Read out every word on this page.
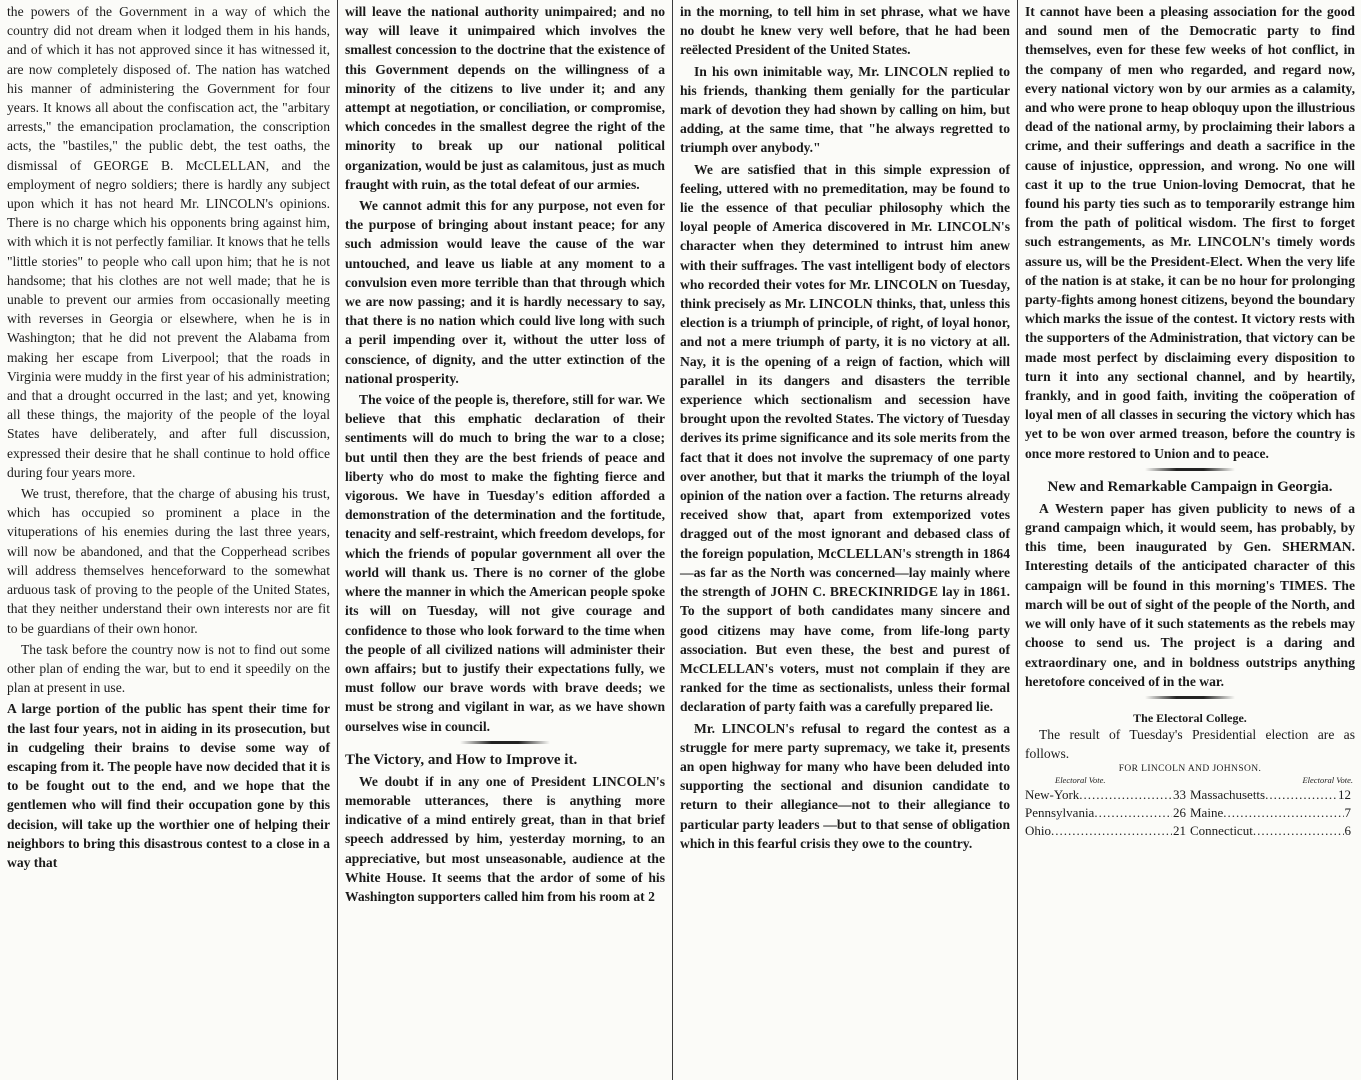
the powers of the Government in a way of which the country did not dream when it lodged them in his hands, and of which it has not approved since it has witnessed it, are now completely disposed of. The nation has watched his manner of administering the Government for four years. It knows all about the confiscation act, the "arbitary arrests," the emancipation proclamation, the conscription acts, the "bastiles," the public debt, the test oaths, the dismissal of GEORGE B. McCLELLAN, and the employment of negro soldiers; there is hardly any subject upon which it has not heard Mr. LINCOLN's opinions. There is no charge which his opponents bring against him, with which it is not perfectly familiar. It knows that he tells "little stories" to people who call upon him; that he is not handsome; that his clothes are not well made; that he is unable to prevent our armies from occasionally meeting with reverses in Georgia or elsewhere, when he is in Washington; that he did not prevent the Alabama from making her escape from Liverpool; that the roads in Virginia were muddy in the first year of his administration; and that a drought occurred in the last; and yet, knowing all these things, the majority of the people of the loyal States have deliberately, and after full discussion, expressed their desire that he shall continue to hold office during four years more.

We trust, therefore, that the charge of abusing his trust, which has occupied so prominent a place in the vituperations of his enemies during the last three years, will now be abandoned, and that the Copperhead scribes will address themselves henceforward to the somewhat arduous task of proving to the people of the United States, that they neither understand their own interests nor are fit to be guardians of their own honor.

The task before the country now is not to find out some other plan of ending the war, but to end it speedily on the plan at present in use.

A large portion of the public has spent their time for the last four years, not in aiding in its prosecution, but in cudgeling their brains to devise some way of escaping from it. The people have now decided that it is to be fought out to the end, and we hope that the gentlemen who will find their occupation gone by this decision, will take up the worthier one of helping their neighbors to bring this disastrous contest to a close in a way that

will leave the national authority unimpaired; and no way will leave it unimpaired which involves the smallest concession to the doctrine that the existence of this Government depends on the willingness of a minority of the citizens to live under it; and any attempt at negotiation, or conciliation, or compromise, which concedes in the smallest degree the right of the minority to break up our national political organization, would be just as calamitous, just as much fraught with ruin, as the total defeat of our armies.

We cannot admit this for any purpose, not even for the purpose of bringing about instant peace; for any such admission would leave the cause of the war untouched, and leave us liable at any moment to a convulsion even more terrible than that through which we are now passing; and it is hardly necessary to say, that there is no nation which could live long with such a peril impending over it, without the utter loss of conscience, of dignity, and the utter extinction of the national prosperity.

The voice of the people is, therefore, still for war. We believe that this emphatic declaration of their sentiments will do much to bring the war to a close; but until then they are the best friends of peace and liberty who do most to make the fighting fierce and vigorous. We have in Tuesday's edition afforded a demonstration of the determination and the fortitude, tenacity and self-restraint, which freedom develops, for which the friends of popular government all over the world will thank us. There is no corner of the globe where the manner in which the American people spoke its will on Tuesday, will not give courage and confidence to those who look forward to the time when the people of all civilized nations will administer their own affairs; but to justify their expectations fully, we must follow our brave words with brave deeds; we must be strong and vigilant in war, as we have shown ourselves wise in council.

The Victory, and How to Improve it.

We doubt if in any one of President LINCOLN's memorable utterances, there is anything more indicative of a mind entirely great, than in that brief speech addressed by him, yesterday morning, to an appreciative, but most unseasonable, audience at the White House. It seems that the ardor of some of his Washington supporters called him from his room at 2

in the morning, to tell him in set phrase, what we have no doubt he knew very well before, that he had been reëlected President of the United States.

In his own inimitable way, Mr. LINCOLN replied to his friends, thanking them genially for the particular mark of devotion they had shown by calling on him, but adding, at the same time, that "he always regretted to triumph over anybody."

We are satisfied that in this simple expression of feeling, uttered with no premeditation, may be found to lie the essence of that peculiar philosophy which the loyal people of America discovered in Mr. LINCOLN's character when they determined to intrust him anew with their suffrages. The vast intelligent body of electors who recorded their votes for Mr. LINCOLN on Tuesday, think precisely as Mr. LINCOLN thinks, that, unless this election is a triumph of principle, of right, of loyal honor, and not a mere triumph of party, it is no victory at all. Nay, it is the opening of a reign of faction, which will parallel in its dangers and disasters the terrible experience which sectionalism and secession have brought upon the revolted States. The victory of Tuesday derives its prime significance and its sole merits from the fact that it does not involve the supremacy of one party over another, but that it marks the triumph of the loyal opinion of the nation over a faction. The returns already received show that, apart from extemporized votes dragged out of the most ignorant and debased class of the foreign population, McCLELLAN's strength in 1864—as far as the North was concerned—lay mainly where the strength of JOHN C. BRECKINRIDGE lay in 1861. To the support of both candidates many sincere and good citizens may have come, from life-long party association. But even these, the best and purest of McCLELLAN's voters, must not complain if they are ranked for the time as sectionalists, unless their formal declaration of party faith was a carefully prepared lie.

Mr. LINCOLN's refusal to regard the contest as a struggle for mere party supremacy, we take it, presents an open highway for many who have been deluded into supporting the sectional and disunion candidate to return to their allegiance—not to their allegiance to particular party leaders —but to that sense of obligation which in this fearful crisis they owe to the country.

It cannot have been a pleasing association for the good and sound men of the Democratic party to find themselves, even for these few weeks of hot conflict, in the company of men who regarded, and regard now, every national victory won by our armies as a calamity, and who were prone to heap obloquy upon the illustrious dead of the national army, by proclaiming their labors a crime, and their sufferings and death a sacrifice in the cause of injustice, oppression, and wrong. No one will cast it up to the true Union-loving Democrat, that he found his party ties such as to temporarily estrange him from the path of political wisdom. The first to forget such estrangements, as Mr. LINCOLN's timely words assure us, will be the President-Elect. When the very life of the nation is at stake, it can be no hour for prolonging party-fights among honest citizens, beyond the boundary which marks the issue of the contest. It victory rests with the supporters of the Administration, that victory can be made most perfect by disclaiming every disposition to turn it into any sectional channel, and by heartily, frankly, and in good faith, inviting the coöperation of loyal men of all classes in securing the victory which has yet to be won over armed treason, before the country is once more restored to Union and to peace.

New and Remarkable Campaign in Georgia.

A Western paper has given publicity to news of a grand campaign which, it would seem, has probably, by this time, been inaugurated by Gen. SHERMAN. Interesting details of the anticipated character of this campaign will be found in this morning's TIMES. The march will be out of sight of the people of the North, and we will only have of it such statements as the rebels may choose to send us. The project is a daring and extraordinary one, and in boldness outstrips anything heretofore conceived of in the war.

The Electoral College.

The result of Tuesday's Presidential election are as follows.

FOR LINCOLN AND JOHNSON.
Electoral Vote.	Electoral Vote.
New-York .....	33 Massachusetts .....	12
Pennsylvania .....	26 Maine .....	7
Ohio .....	21 Connecticut .....	6
